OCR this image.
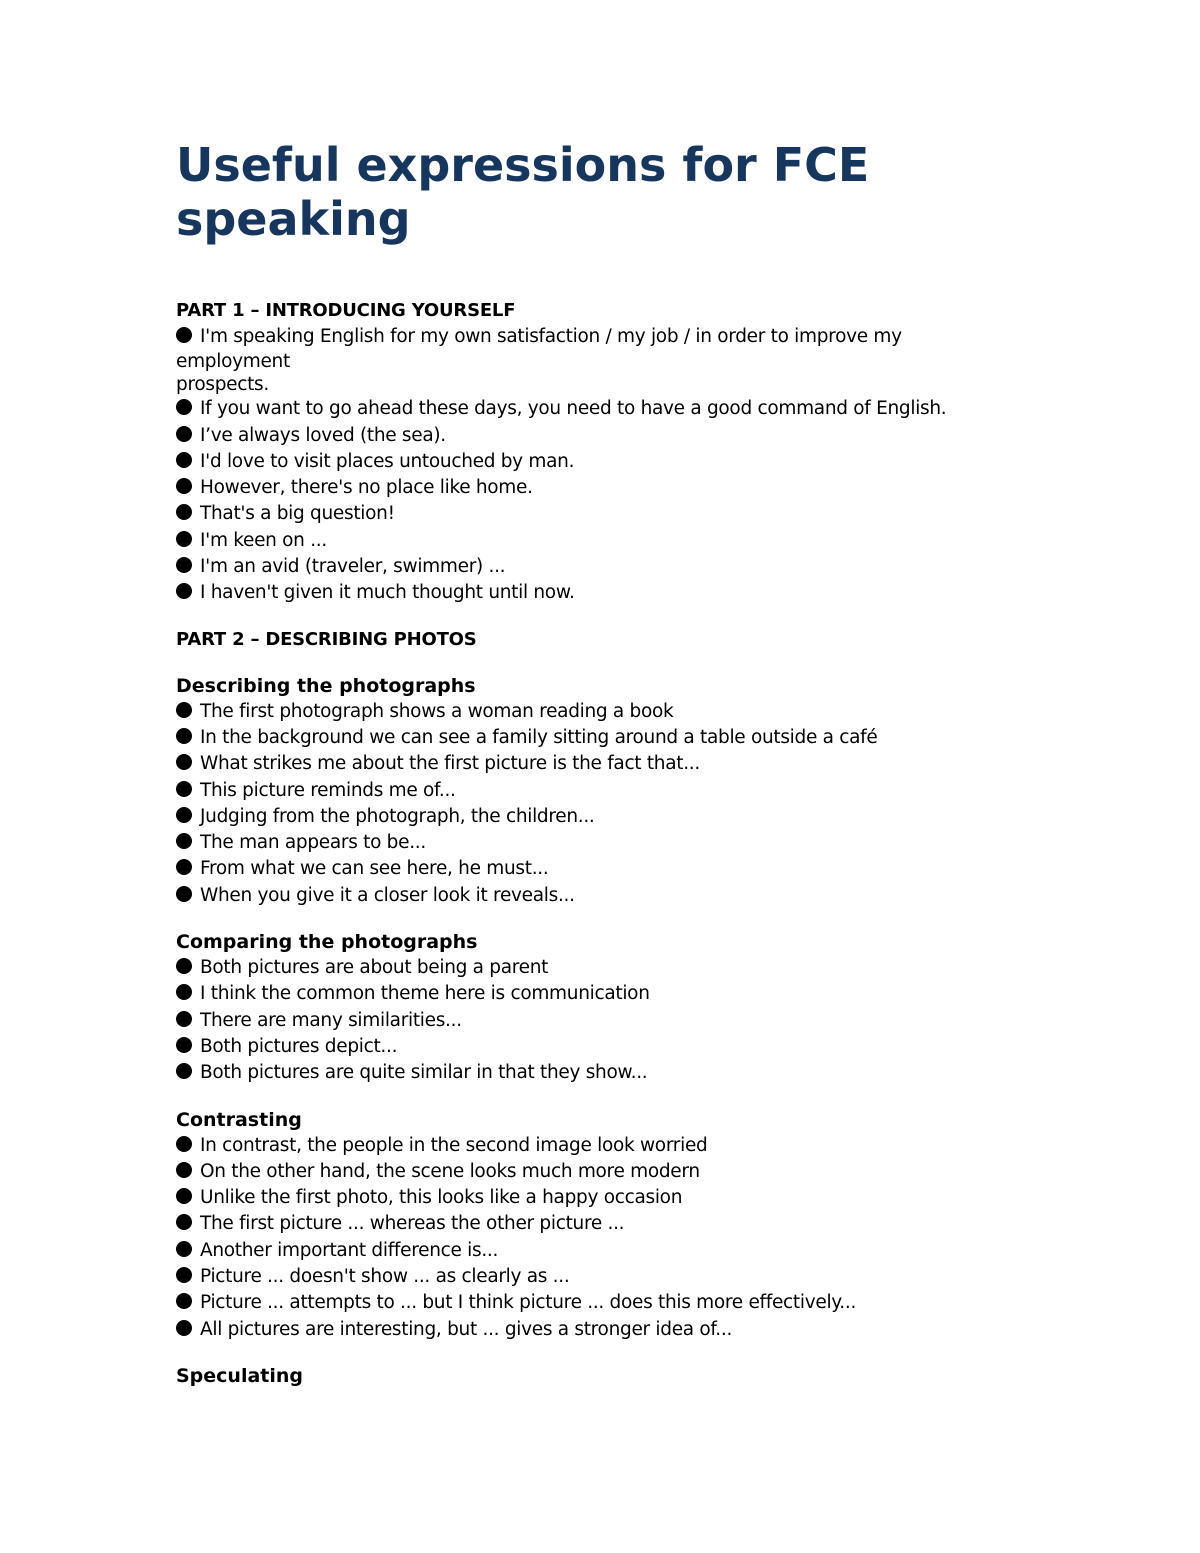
Useful expressions for FCE speaking

PART 1 – INTRODUCING YOURSELF

I'm speaking English for my own satisfaction / my job / in order to improve my
employment
prospects.
If you want to go ahead these days, you need to have a good command of English.
I’ve always loved (the sea).
I'd love to visit places untouched by man.
However, there's no place like home.
That's a big question!
I'm keen on ...
I'm an avid (traveler, swimmer) ...
I haven't given it much thought until now.

PART 2 – DESCRIBING PHOTOS

Describing the photographs

The first photograph shows a woman reading a book
In the background we can see a family sitting around a table outside a café
What strikes me about the first picture is the fact that...
This picture reminds me of...
Judging from the photograph, the children...
The man appears to be...
From what we can see here, he must...
When you give it a closer look it reveals...

Comparing the photographs

Both pictures are about being a parent
I think the common theme here is communication
There are many similarities...
Both pictures depict...
Both pictures are quite similar in that they show...

Contrasting

In contrast, the people in the second image look worried
On the other hand, the scene looks much more modern
Unlike the first photo, this looks like a happy occasion
The first picture ... whereas the other picture ...
Another important difference is...
Picture ... doesn't show ... as clearly as ...
Picture ... attempts to ... but I think picture ... does this more effectively...
All pictures are interesting, but ... gives a stronger idea of...

Speculating
